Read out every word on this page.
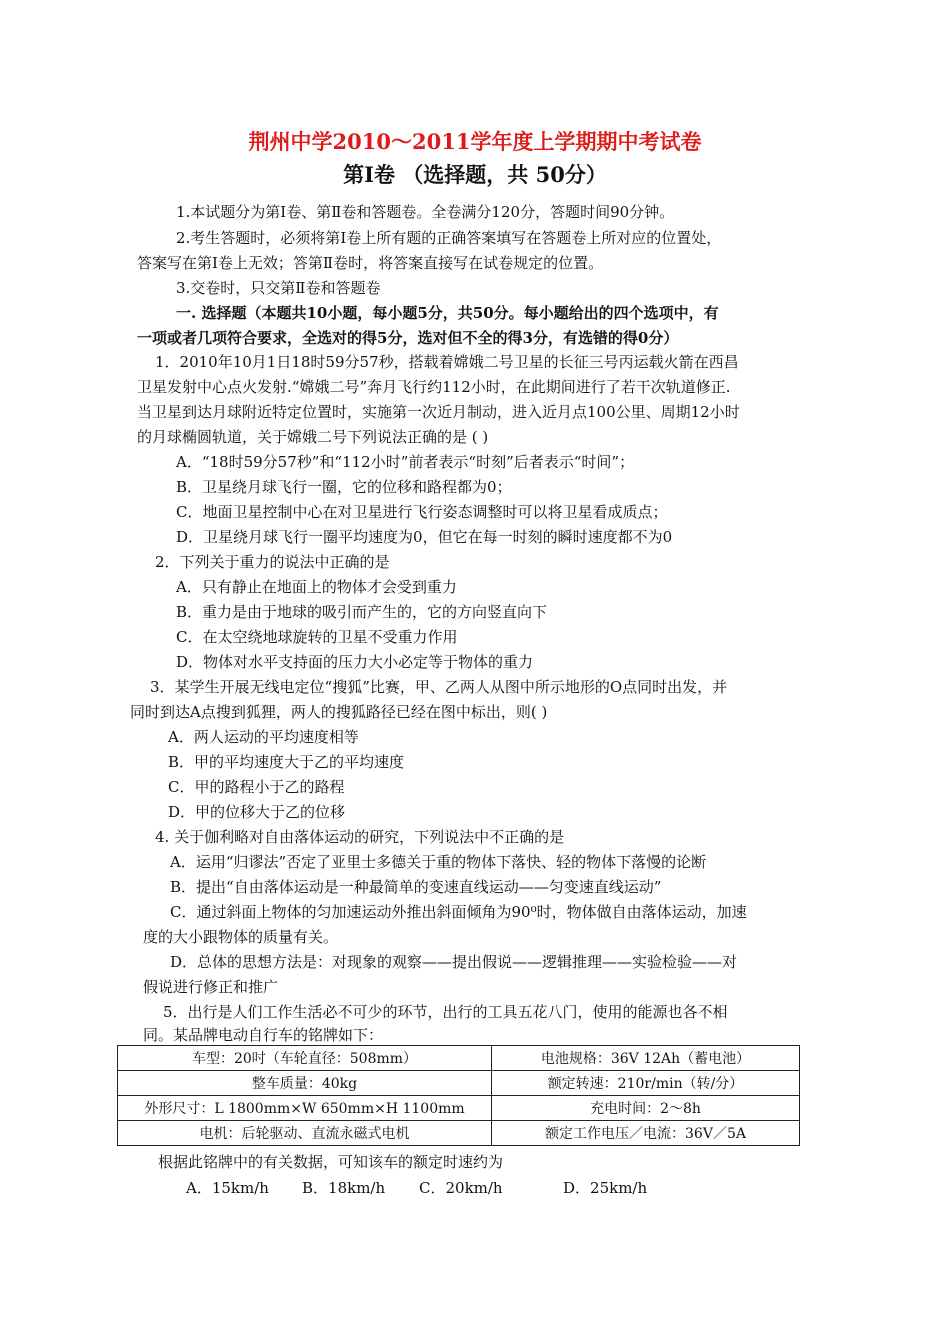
荆州中学2010～2011学年度上学期期中考试卷
第Ⅰ卷 （选择题，共 50分）
1.本试题分为第Ⅰ卷、第Ⅱ卷和答题卷。全卷满分120分，答题时间90分钟。
2.考生答题时，必须将第Ⅰ卷上所有题的正确答案填写在答题卷上所对应的位置处，
答案写在第Ⅰ卷上无效；答第Ⅱ卷时，将答案直接写在试卷规定的位置。
3.交卷时，只交第Ⅱ卷和答题卷
一. 选择题（本题共10小题，每小题5分，共50分。每小题给出的四个选项中，有
一项或者几项符合要求，全选对的得5分，选对但不全的得3分，有选错的得0分）
1．2010年10月1日18时59分57秒，搭载着嫦娥二号卫星的长征三号丙运载火箭在西昌
卫星发射中心点火发射.“嫦娥二号”奔月飞行约112小时，在此期间进行了若干次轨道修正.
当卫星到达月球附近特定位置时，实施第一次近月制动，进入近月点100公里、周期12小时
的月球椭圆轨道，关于嫦娥二号下列说法正确的是 ( )
A．“18时59分57秒”和“112小时”前者表示“时刻”后者表示“时间”；
B．卫星绕月球飞行一圈，它的位移和路程都为0；
C．地面卫星控制中心在对卫星进行飞行姿态调整时可以将卫星看成质点；
D．卫星绕月球飞行一圈平均速度为0，但它在每一时刻的瞬时速度都不为0
2．下列关于重力的说法中正确的是
A．只有静止在地面上的物体才会受到重力
B．重力是由于地球的吸引而产生的，它的方向竖直向下
C．在太空绕地球旋转的卫星不受重力作用
D．物体对水平支持面的压力大小必定等于物体的重力
3．某学生开展无线电定位“搜狐”比赛，甲、乙两人从图中所示地形的O点同时出发，并
同时到达A点搜到狐狸，两人的搜狐路径已经在图中标出，则( )
A．两人运动的平均速度相等
B．甲的平均速度大于乙的平均速度
C．甲的路程小于乙的路程
D．甲的位移大于乙的位移
4. 关于伽利略对自由落体运动的研究，下列说法中不正确的是
A．运用“归谬法”否定了亚里士多德关于重的物体下落快、轻的物体下落慢的论断
B．提出“自由落体运动是一种最简单的变速直线运动——匀变速直线运动”
C．通过斜面上物体的匀加速运动外推出斜面倾角为90⁰时，物体做自由落体运动，加速
度的大小跟物体的质量有关。
D．总体的思想方法是：对现象的观察——提出假说——逻辑推理——实验检验——对
假说进行修正和推广
5．出行是人们工作生活必不可少的环节，出行的工具五花八门，使用的能源也各不相
同。某品牌电动自行车的铭牌如下：
车型：20吋（车轮直径：508mm）	电池规格：36V 12Ah（蓄电池）
整车质量：40kg	额定转速：210r/min（转/分）
外形尺寸：L 1800mm×W 650mm×H 1100mm	充电时间：2～8h
电机：后轮驱动、直流永磁式电机	额定工作电压／电流：36V／5A
根据此铭牌中的有关数据，可知该车的额定时速约为
A．15km/h B．18km/h C．20km/h	D．25km/h
